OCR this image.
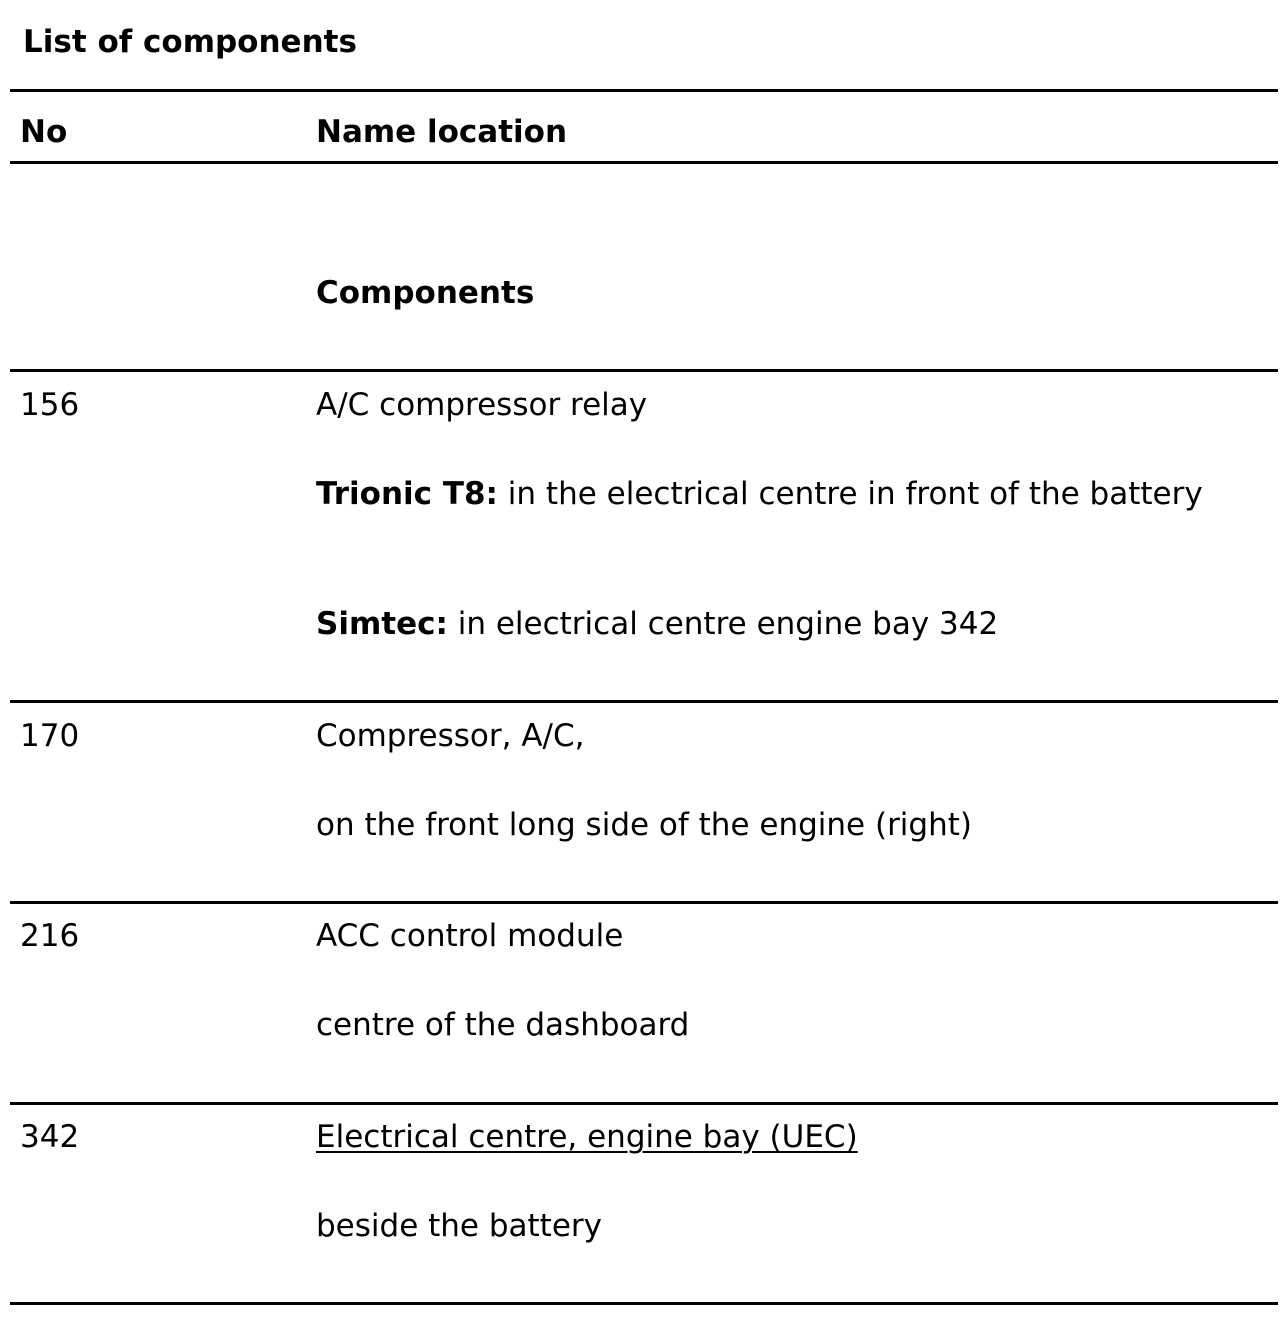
List of components
No	Name location
Components
156	A/C compressor relay
Trionic T8: in the electrical centre in front of the battery
Simtec: in electrical centre engine bay 342
170	Compressor, A/C,
on the front long side of the engine (right)
216	ACC control module
centre of the dashboard
342	Electrical centre, engine bay (UEC)
beside the battery
